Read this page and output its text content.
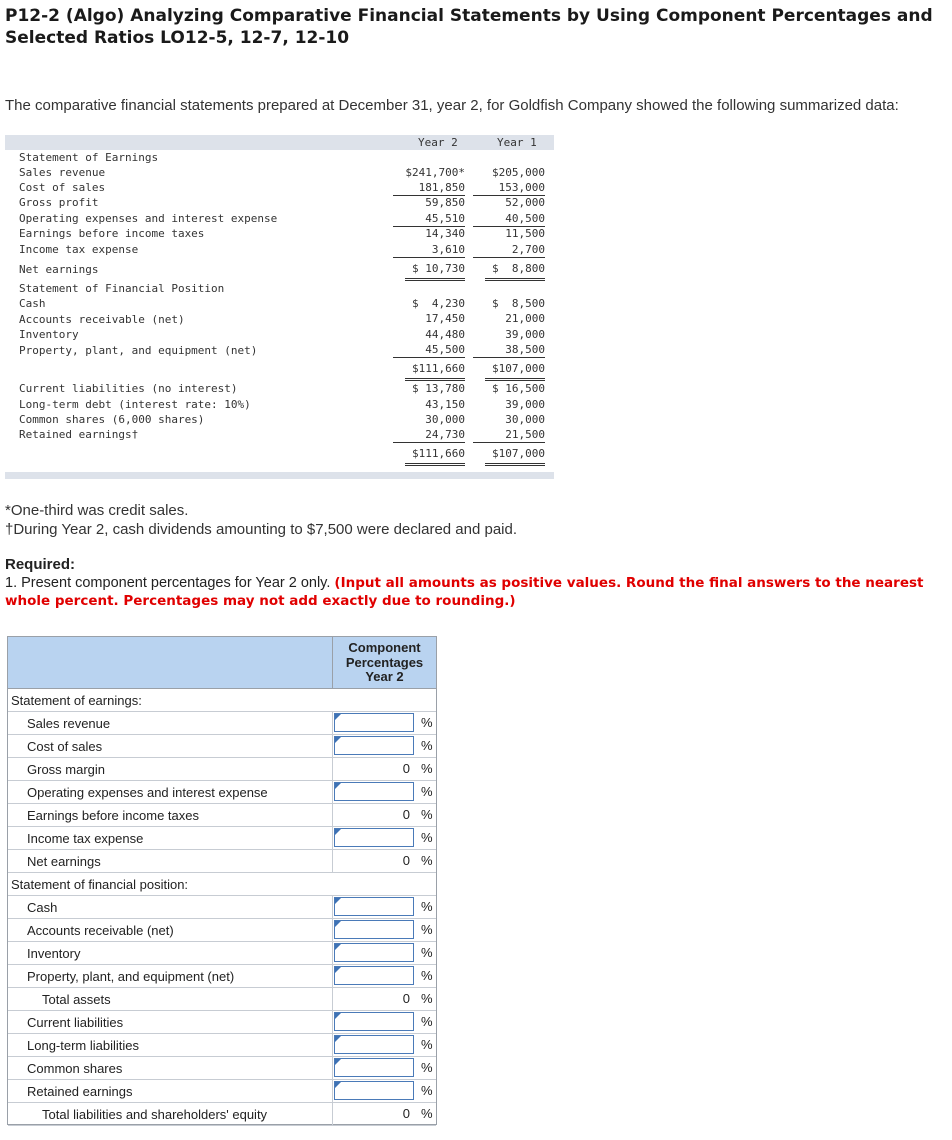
P12-2 (Algo) Analyzing Comparative Financial Statements by Using Component Percentages and Selected Ratios LO12-5, 12-7, 12-10
The comparative financial statements prepared at December 31, year 2, for Goldfish Company showed the following summarized data:
Year 2	Year 1
Statement of Earnings
Sales revenue	$241,700*	$205,000
Cost of sales	181,850	153,000
Gross profit	59,850	52,000
Operating expenses and interest expense	45,510	40,500
Earnings before income taxes	14,340	11,500
Income tax expense	3,610	2,700
Net earnings	$ 10,730	$  8,800
Statement of Financial Position
Cash	$  4,230	$  8,500
Accounts receivable (net)	17,450	21,000
Inventory	44,480	39,000
Property, plant, and equipment (net)	45,500	38,500
$111,660	$107,000
Current liabilities (no interest)	$ 13,780	$ 16,500
Long-term debt (interest rate: 10%)	43,150	39,000
Common shares (6,000 shares)	30,000	30,000
Retained earnings†	24,730	21,500
$111,660	$107,000
*One-third was credit sales.
†During Year 2, cash dividends amounting to $7,500 were declared and paid.
Required:
1. Present component percentages for Year 2 only. (Input all amounts as positive values. Round the final answers to the nearest whole percent. Percentages may not add exactly due to rounding.)
Component
Percentages
Year 2
Statement of earnings:
Sales revenue	%
Cost of sales	%
Gross margin	0 %
Operating expenses and interest expense	%
Earnings before income taxes	0 %
Income tax expense	%
Net earnings	0 %
Statement of financial position:
Cash	%
Accounts receivable (net)	%
Inventory	%
Property, plant, and equipment (net)	%
Total assets	0 %
Current liabilities	%
Long-term liabilities	%
Common shares	%
Retained earnings	%
Total liabilities and shareholders' equity	0 %
